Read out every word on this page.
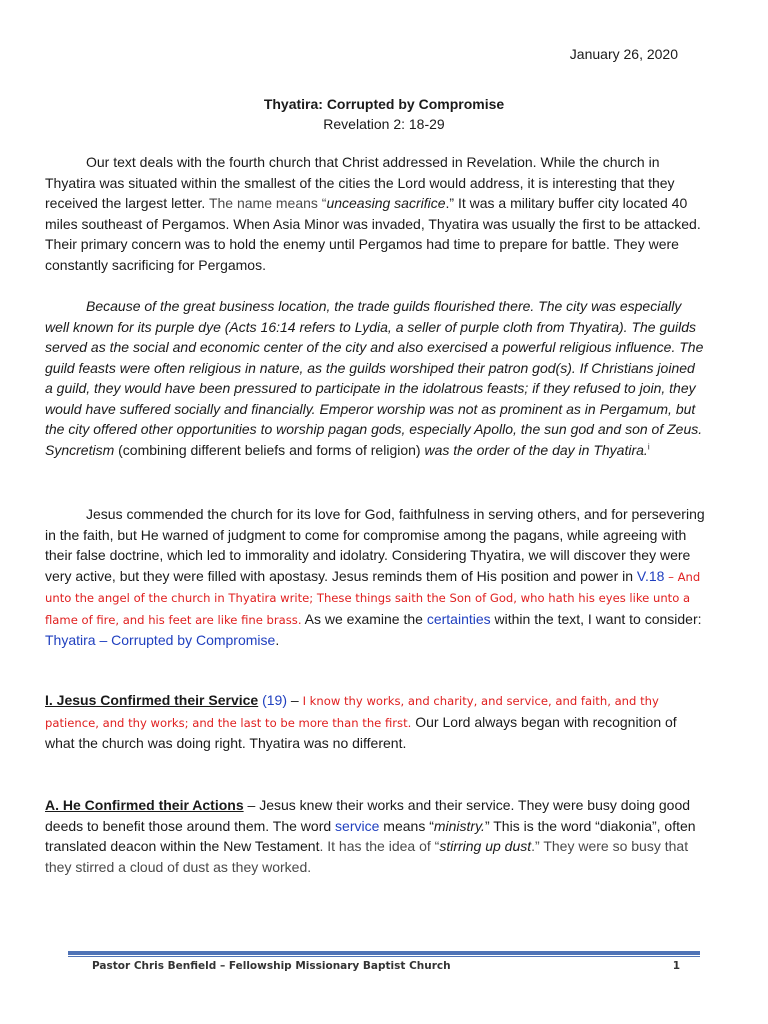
January 26, 2020
Thyatira: Corrupted by Compromise
Revelation 2: 18-29

Our text deals with the fourth church that Christ addressed in Revelation. While the church in Thyatira was situated within the smallest of the cities the Lord would address, it is interesting that they received the largest letter. The name means “unceasing sacrifice.” It was a military buffer city located 40 miles southeast of Pergamos. When Asia Minor was invaded, Thyatira was usually the first to be attacked. Their primary concern was to hold the enemy until Pergamos had time to prepare for battle. They were constantly sacrificing for Pergamos.

Because of the great business location, the trade guilds flourished there. The city was especially well known for its purple dye (Acts 16:14 refers to Lydia, a seller of purple cloth from Thyatira). The guilds served as the social and economic center of the city and also exercised a powerful religious influence. The guild feasts were often religious in nature, as the guilds worshiped their patron god(s). If Christians joined a guild, they would have been pressured to participate in the idolatrous feasts; if they refused to join, they would have suffered socially and financially. Emperor worship was not as prominent as in Pergamum, but the city offered other opportunities to worship pagan gods, especially Apollo, the sun god and son of Zeus. Syncretism (combining different beliefs and forms of religion) was the order of the day in Thyatira.$^i$

Jesus commended the church for its love for God, faithfulness in serving others, and for persevering in the faith, but He warned of judgment to come for compromise among the pagans, while agreeing with their false doctrine, which led to immorality and idolatry. Considering Thyatira, we will discover they were very active, but they were filled with apostasy. Jesus reminds them of His position and power in V.18 – And unto the angel of the church in Thyatira write; These things saith the Son of God, who hath his eyes like unto a flame of fire, and his feet are like fine brass. As we examine the certainties within the text, I want to consider: Thyatira – Corrupted by Compromise.

I. Jesus Confirmed their Service (19) – I know thy works, and charity, and service, and faith, and thy patience, and thy works; and the last to be more than the first. Our Lord always began with recognition of what the church was doing right. Thyatira was no different.

A. He Confirmed their Actions – Jesus knew their works and their service. They were busy doing good deeds to benefit those around them. The word service means “ministry.” This is the word “diakonia”, often translated deacon within the New Testament. It has the idea of “stirring up dust.” They were so busy that they stirred a cloud of dust as they worked.

Pastor Chris Benfield – Fellowship Missionary Baptist Church	1
